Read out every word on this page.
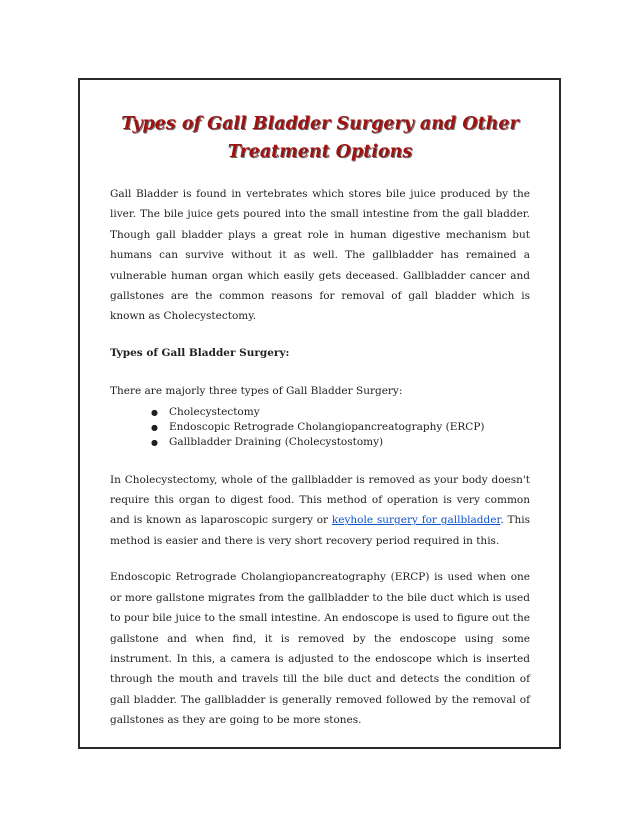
Types of Gall Bladder Surgery and Other
Treatment Options

Gall Bladder is found in vertebrates which stores bile juice produced by the liver. The bile juice gets poured into the small intestine from the gall bladder. Though gall bladder plays a great role in human digestive mechanism but humans can survive without it as well. The gallbladder has remained a vulnerable human organ which easily gets deceased. Gallbladder cancer and gallstones are the common reasons for removal of gall bladder which is known as Cholecystectomy.

Types of Gall Bladder Surgery:

There are majorly three types of Gall Bladder Surgery:

● Cholecystectomy
● Endoscopic Retrograde Cholangiopancreatography (ERCP)
● Gallbladder Draining (Cholecystostomy)

In Cholecystectomy, whole of the gallbladder is removed as your body doesn't require this organ to digest food. This method of operation is very common and is known as laparoscopic surgery or keyhole surgery for gallbladder. This method is easier and there is very short recovery period required in this.

Endoscopic Retrograde Cholangiopancreatography (ERCP) is used when one or more gallstone migrates from the gallbladder to the bile duct which is used to pour bile juice to the small intestine. An endoscope is used to figure out the gallstone and when find, it is removed by the endoscope using some instrument. In this, a camera is adjusted to the endoscope which is inserted through the mouth and travels till the bile duct and detects the condition of gall bladder. The gallbladder is generally removed followed by the removal of gallstones as they are going to be more stones.
